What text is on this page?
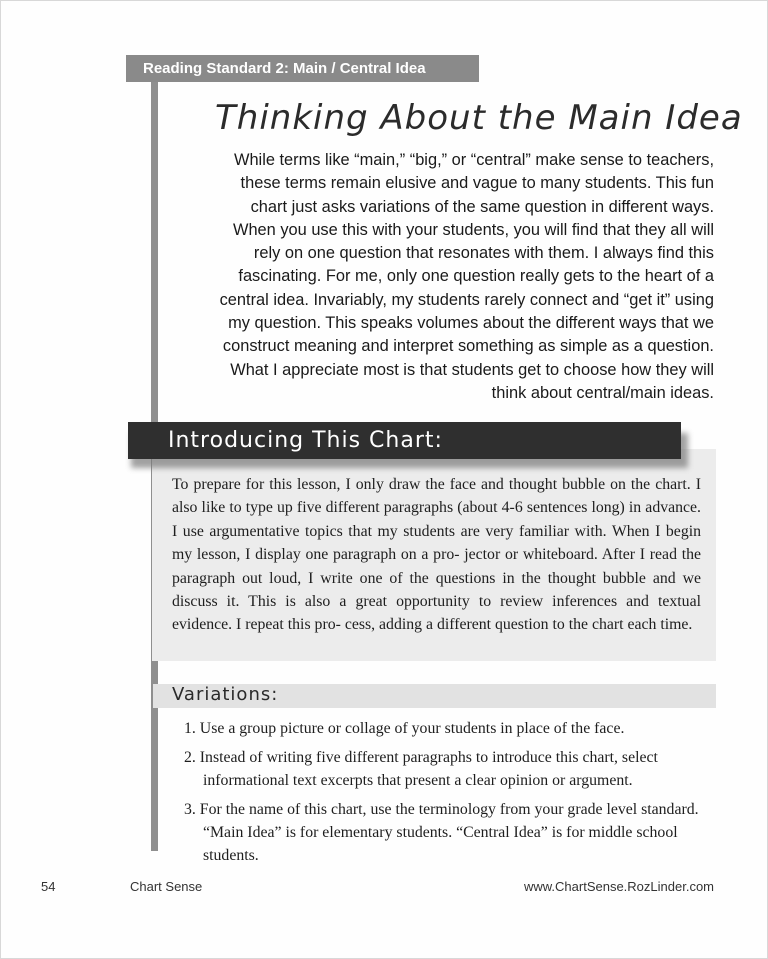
Reading Standard 2: Main / Central Idea
Thinking About the Main Idea

While terms like “main,” “big,” or “central” make sense to teachers,
these terms remain elusive and vague to many students. This fun
chart just asks variations of the same question in different ways.
When you use this with your students, you will find that they all will
rely on one question that resonates with them. I always find this
fascinating. For me, only one question really gets to the heart of a
central idea. Invariably, my students rarely connect and “get it” using
my question. This speaks volumes about the different ways that we
construct meaning and interpret something as simple as a question.
What I appreciate most is that students get to choose how they will
think about central/main ideas.

Introducing This Chart:

To prepare for this lesson, I only draw the face and thought bubble on the chart. I also like to type up five different paragraphs (about 4-6 sentences long) in advance. I use argumentative topics that my students are very familiar with. When I begin my lesson, I display one paragraph on a pro- jector or whiteboard. After I read the paragraph out loud, I write one of the questions in the thought bubble and we discuss it. This is also a great opportunity to review inferences and textual evidence. I repeat this pro- cess, adding a different question to the chart each time.

Variations:
1. Use a group picture or collage of your students in place of the face.
2. Instead of writing five different paragraphs to introduce this chart, select informational text excerpts that present a clear opinion or argument.
3. For the name of this chart, use the terminology from your grade level standard. “Main Idea” is for elementary students. “Central Idea” is for middle school students.
54	Chart Sense	www.ChartSense.RozLinder.com
